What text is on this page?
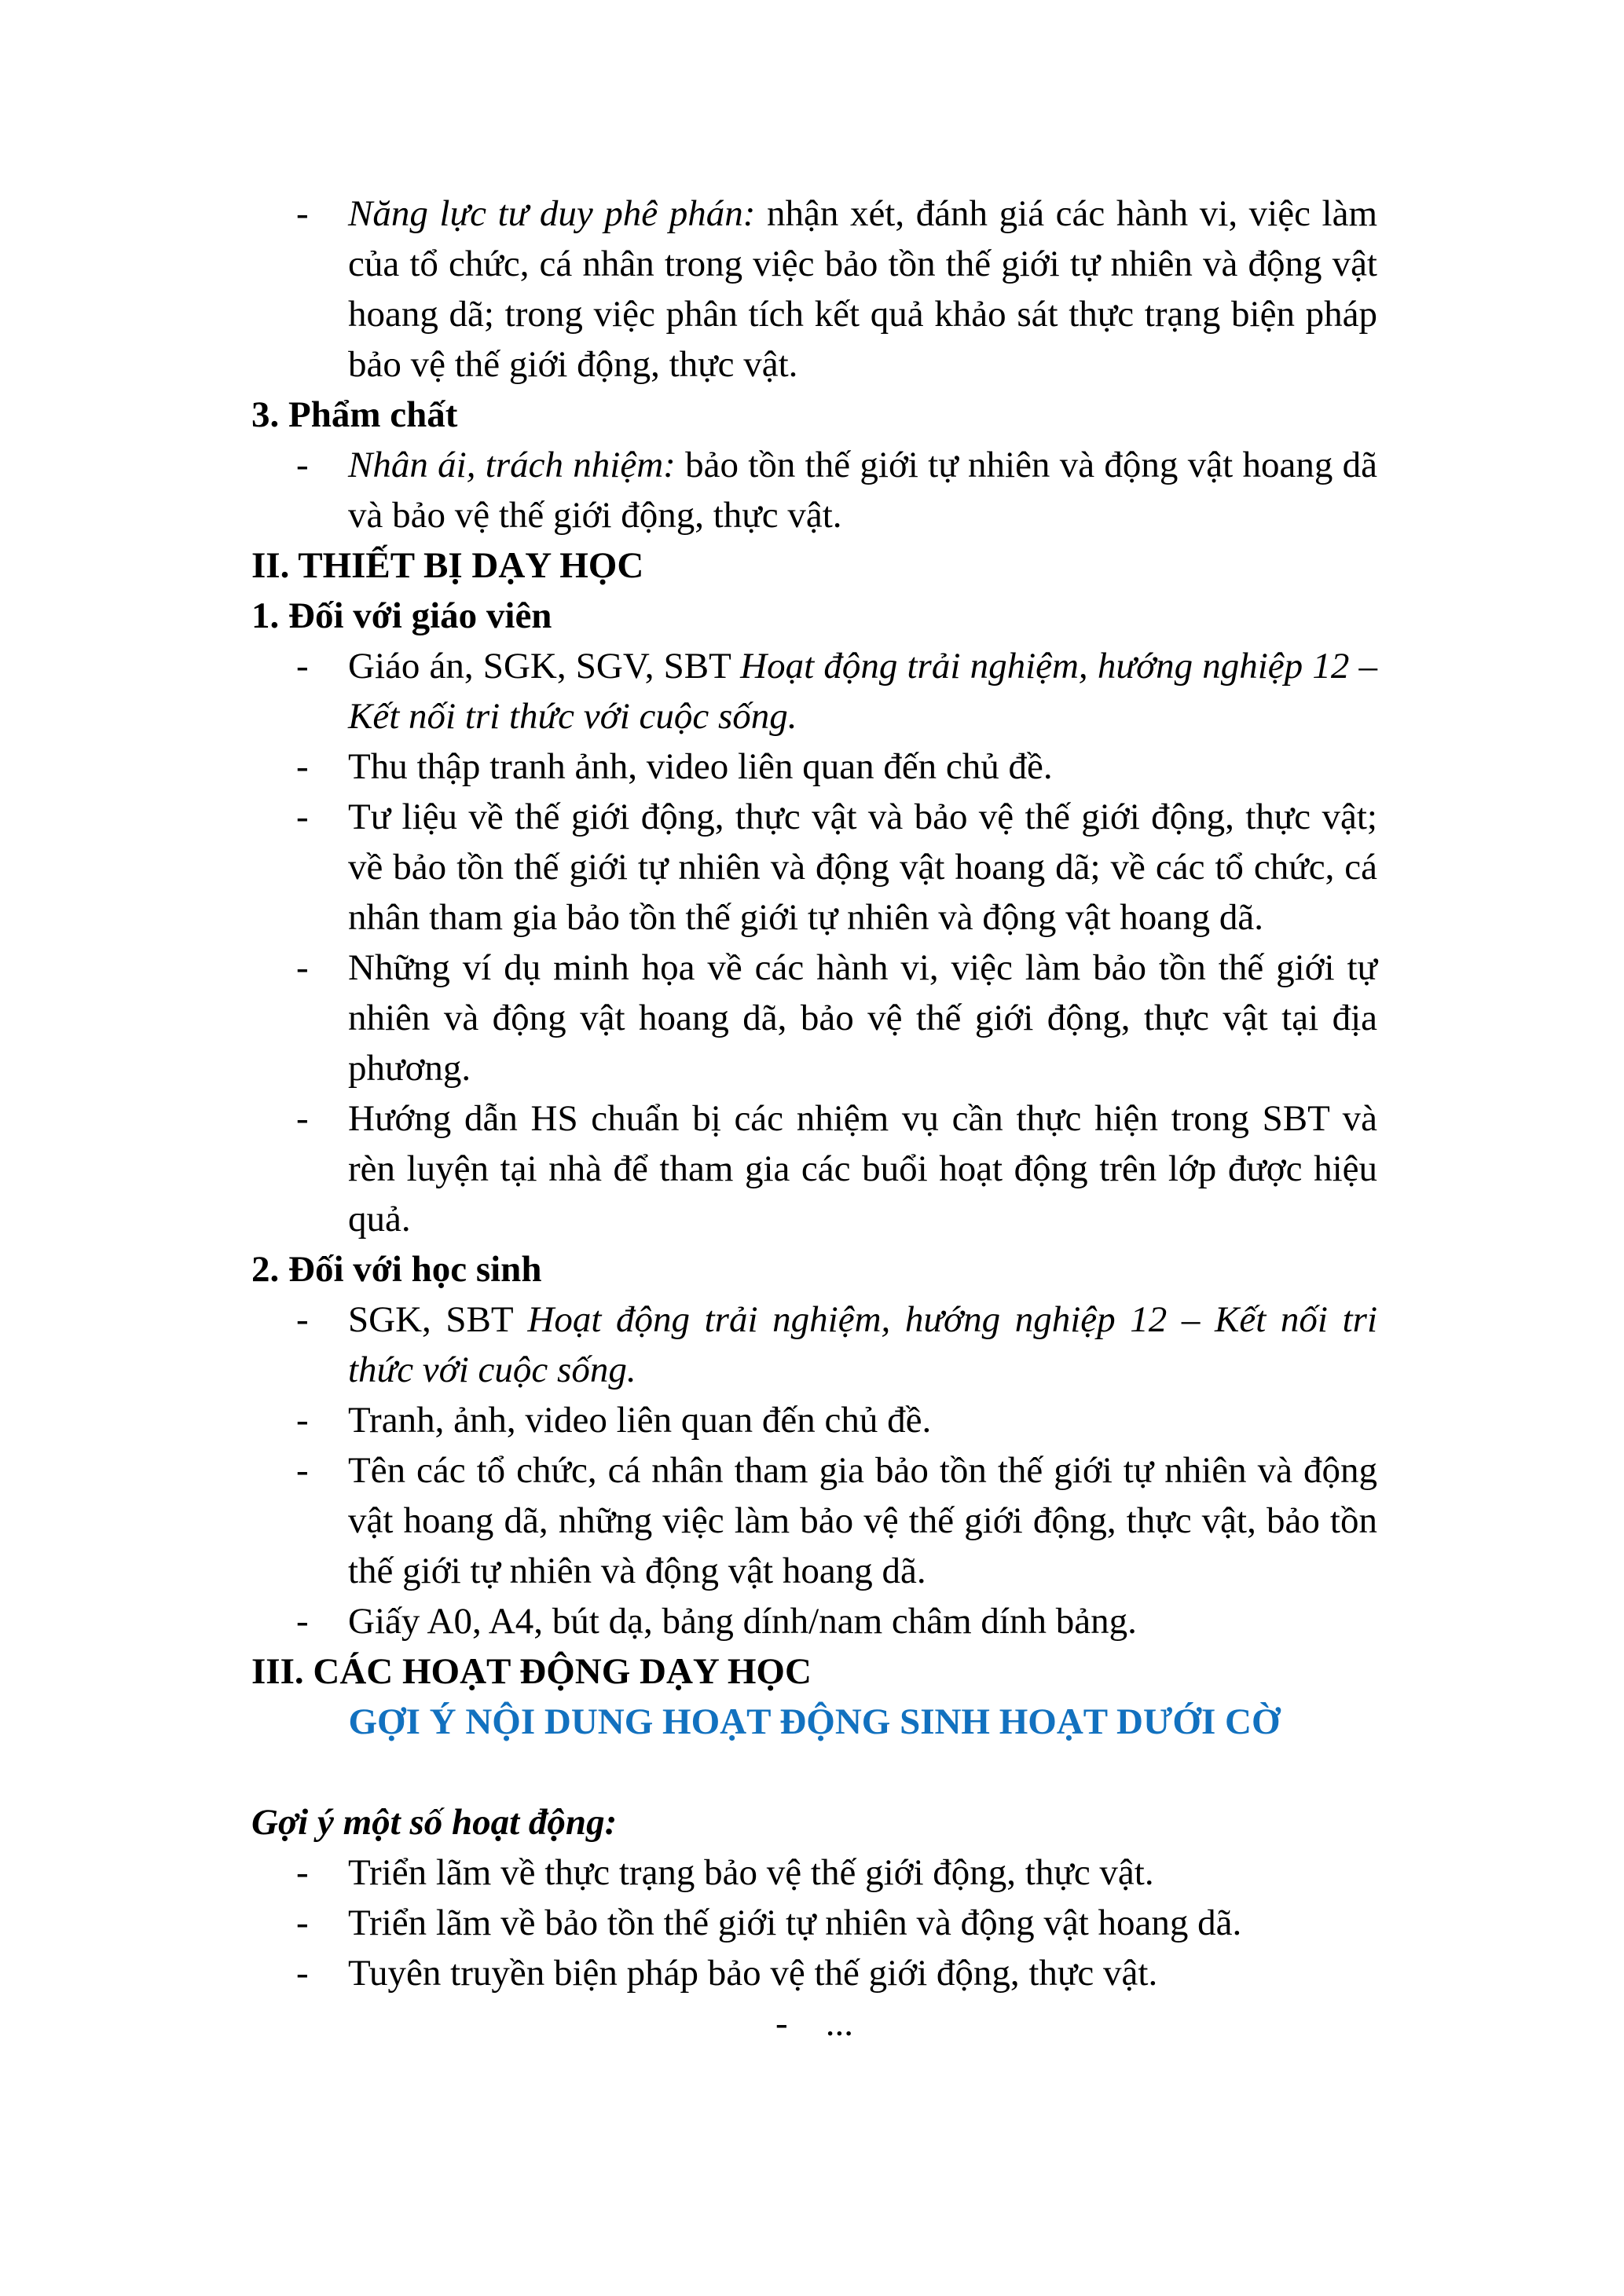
- Năng lực tư duy phê phán: nhận xét, đánh giá các hành vi, việc làm của tổ chức, cá nhân trong việc bảo tồn thế giới tự nhiên và động vật hoang dã; trong việc phân tích kết quả khảo sát thực trạng biện pháp bảo vệ thế giới động, thực vật.
3. Phẩm chất
- Nhân ái, trách nhiệm: bảo tồn thế giới tự nhiên và động vật hoang dã và bảo vệ thế giới động, thực vật.
II. THIẾT BỊ DẠY HỌC
1. Đối với giáo viên
- Giáo án, SGK, SGV, SBT Hoạt động trải nghiệm, hướng nghiệp 12 – Kết nối tri thức với cuộc sống.
- Thu thập tranh ảnh, video liên quan đến chủ đề.
- Tư liệu về thế giới động, thực vật và bảo vệ thế giới động, thực vật; về bảo tồn thế giới tự nhiên và động vật hoang dã; về các tổ chức, cá nhân tham gia bảo tồn thế giới tự nhiên và động vật hoang dã.
- Những ví dụ minh họa về các hành vi, việc làm bảo tồn thế giới tự nhiên và động vật hoang dã, bảo vệ thế giới động, thực vật tại địa phương.
- Hướng dẫn HS chuẩn bị các nhiệm vụ cần thực hiện trong SBT và rèn luyện tại nhà để tham gia các buổi hoạt động trên lớp được hiệu quả.
2. Đối với học sinh
- SGK, SBT Hoạt động trải nghiệm, hướng nghiệp 12 – Kết nối tri thức với cuộc sống.
- Tranh, ảnh, video liên quan đến chủ đề.
- Tên các tổ chức, cá nhân tham gia bảo tồn thế giới tự nhiên và động vật hoang dã, những việc làm bảo vệ thế giới động, thực vật, bảo tồn thế giới tự nhiên và động vật hoang dã.
- Giấy A0, A4, bút dạ, bảng dính/nam châm dính bảng.
III. CÁC HOẠT ĐỘNG DẠY HỌC
GỢI Ý NỘI DUNG HOẠT ĐỘNG SINH HOẠT DƯỚI CỜ
Gợi ý một số hoạt động:
- Triển lãm về thực trạng bảo vệ thế giới động, thực vật.
- Triển lãm về bảo tồn thế giới tự nhiên và động vật hoang dã.
- Tuyên truyền biện pháp bảo vệ thế giới động, thực vật.
- ...
